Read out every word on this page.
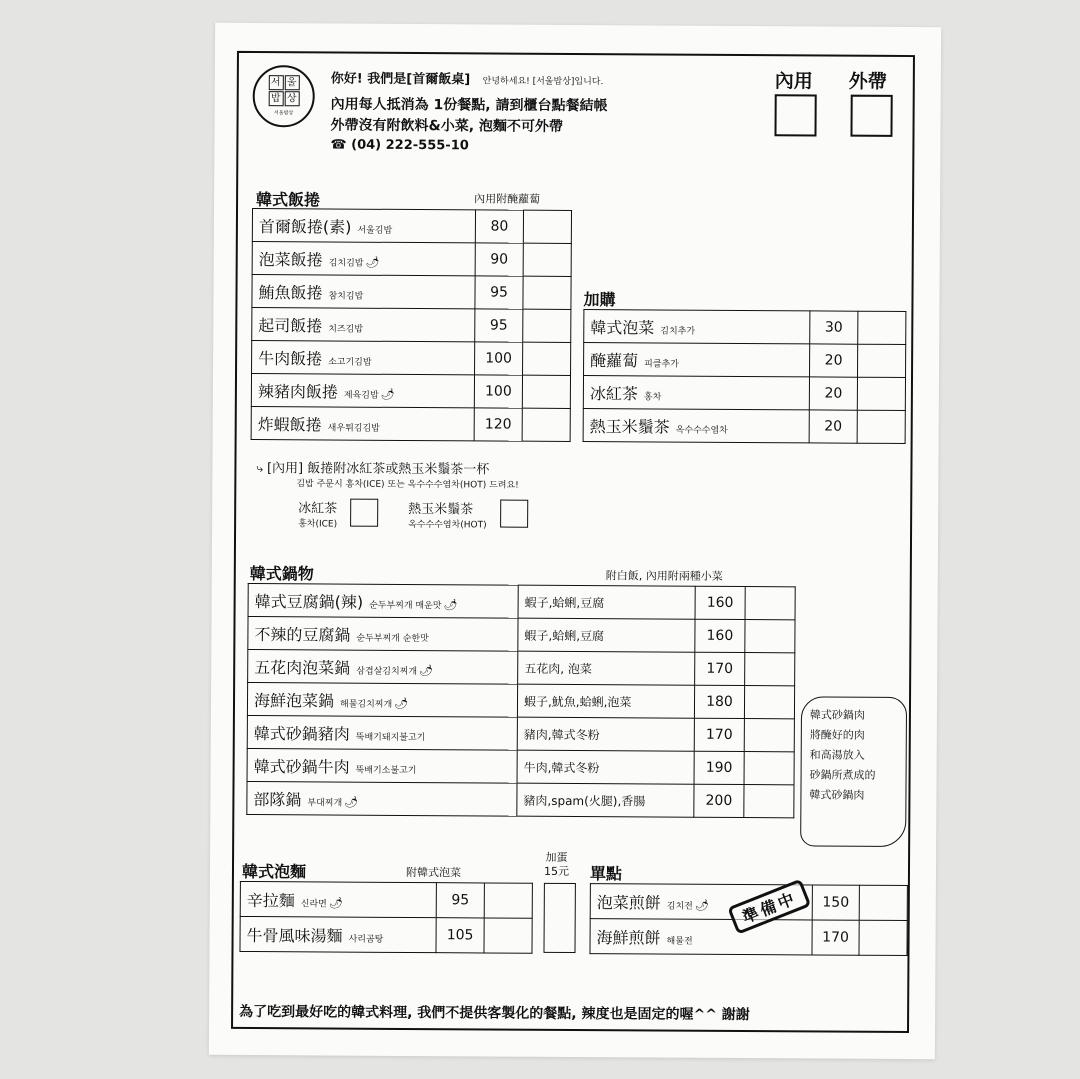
서 울
밥 상
서울밥상
你好! 我們是[首爾飯桌] 안녕하세요! [서울밥상]입니다.
內用每人抵消為 1份餐點, 請到櫃台點餐結帳
外帶沒有附飲料&小菜, 泡麵不可外帶
☎ (04) 222-555-10
內用 外帶
韓式飯捲	內用附醃蘿蔔
首爾飯捲(素) 서울김밥	80	
泡菜飯捲 김치김밥 🌶	90	
鮪魚飯捲 참치김밥	95	
起司飯捲 치즈김밥	95	
牛肉飯捲 소고기김밥	100	
辣豬肉飯捲 제육김밥 🌶	100	
炸蝦飯捲 새우튀김김밥	120	
加購
韓式泡菜 김치추가	30	
醃蘿蔔 피클추가	20	
冰紅茶 홍차	20	
熱玉米鬚茶 옥수수수염차	20	
⤷ [內用] 飯捲附冰紅茶或熱玉米鬚茶一杯
김밥 주문시 홍차(ICE) 또는 옥수수수염차(HOT) 드려요!
冰紅茶
홍차(ICE)
熱玉米鬚茶
옥수수수염차(HOT)
韓式鍋物	附白飯, 內用附兩種小菜
韓式豆腐鍋(辣) 순두부찌개 매운맛 🌶	蝦子,蛤蜊,豆腐	160	
不辣的豆腐鍋 순두부찌개 순한맛	蝦子,蛤蜊,豆腐	160	
五花肉泡菜鍋 삼겹살김치찌개 🌶	五花肉, 泡菜	170	
海鮮泡菜鍋 해물김치찌개 🌶	蝦子,魷魚,蛤蜊,泡菜	180	
韓式砂鍋豬肉 뚝배기돼지불고기	豬肉,韓式冬粉	170	
韓式砂鍋牛肉 뚝배기소불고기	牛肉,韓式冬粉	190	
部隊鍋 부대찌개 🌶	豬肉,spam(火腿),香腸	200	
韓式砂鍋肉
將醃好的肉
和高湯放入
砂鍋所煮成的
韓式砂鍋肉
韓式泡麵	附韓式泡菜
加蛋
15元
辛拉麵 신라면 🌶	95	
牛骨風味湯麵 사리곰탕	105	
單點
泡菜煎餅 김치전 🌶	150	
海鮮煎餅 해물전	170	
準備中
為了吃到最好吃的韓式料理, 我們不提供客製化的餐點, 辣度也是固定的喔^^ 謝謝
